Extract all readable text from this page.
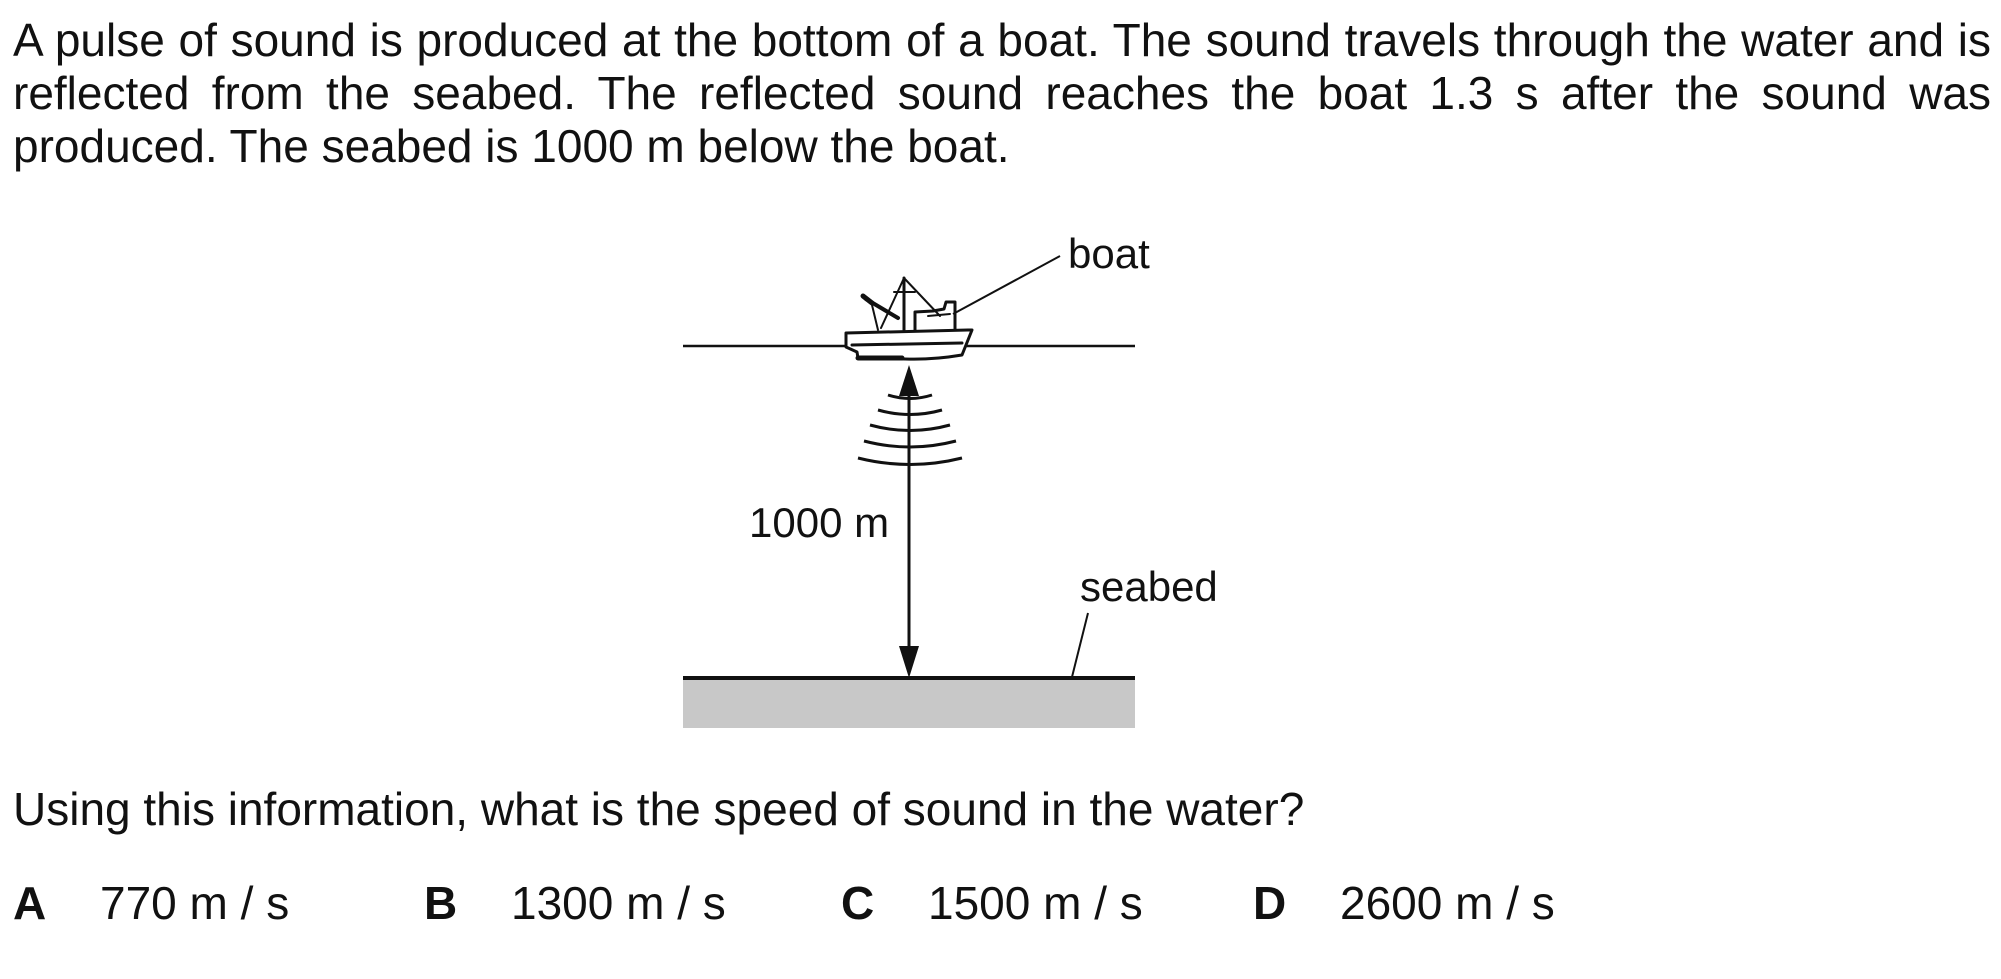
A pulse of sound is produced at the bottom of a boat. The sound travels through the water and is reflected from the seabed. The reflected sound reaches the boat 1.3 s after the sound was produced. The seabed is 1000 m below the boat.

boat
1000 m
seabed

Using this information, what is the speed of sound in the water?

A 770 m / s	B 1300 m / s	C 1500 m / s D 2600 m / s
